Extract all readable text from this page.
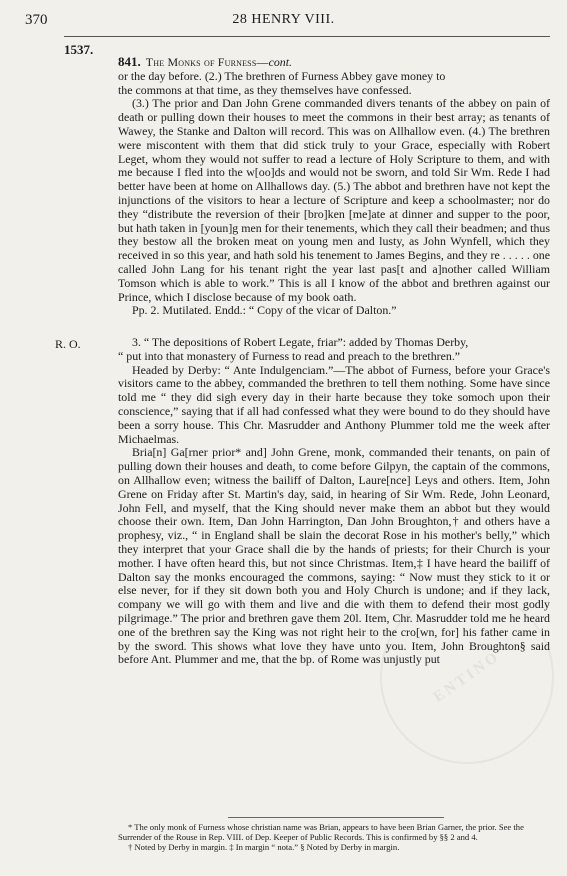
ENTINO
370	28 HENRY VIII.
1537.
R. O.

841. The Monks of Furness—cont.

or the day before. (2.) The brethren of Furness Abbey gave money to

the commons at that time, as they themselves have confessed.

(3.) The prior and Dan John Grene commanded divers tenants of the abbey on pain of death or pulling down their houses to meet the commons in their best array; as tenants of Wawey, the Stanke and Dalton will record. This was on Allhallow even. (4.) The brethren were miscontent with them that did stick truly to your Grace, especially with Robert Leget, whom they would not suffer to read a lecture of Holy Scripture to them, and with me because I fled into the w[oo]ds and would not be sworn, and told Sir Wm. Rede I had better have been at home on Allhallows day. (5.) The abbot and brethren have not kept the injunctions of the visitors to hear a lecture of Scripture and keep a schoolmaster; nor do they “distribute the reversion of their [bro]ken [me]ate at dinner and supper to the poor, but hath taken in [youn]g men for their tenements, which they call their beadmen; and thus they bestow all the broken meat on young men and lusty, as John Wynfell, which they received in so this year, and hath sold his tenement to James Begins, and they re . . . . . one called John Lang for his tenant right the year last pas[t and a]nother called William Tomson which is able to work.” This is all I know of the abbot and brethren against our Prince, which I disclose because of my book oath.

Pp. 2. Mutilated. Endd.: “ Copy of the vicar of Dalton.”

3. “ The depositions of Robert Legate, friar”: added by Thomas Derby,

“ put into that monastery of Furness to read and preach to the brethren.”

Headed by Derby: “ Ante Indulgenciam.”—The abbot of Furness, before your Grace's visitors came to the abbey, commanded the brethren to tell them nothing. Some have since told me “ they did sigh every day in their harte because they toke somoch upon their conscience,” saying that if all had confessed what they were bound to do they should have been a sorry house. This Chr. Masrudder and Anthony Plummer told me the week after Michaelmas.

Bria[n] Ga[rner prior* and] John Grene, monk, commanded their tenants, on pain of pulling down their houses and death, to come before Gilpyn, the captain of the commons, on Allhallow even; witness the bailiff of Dalton, Laure[nce] Leys and others. Item, John Grene on Friday after St. Martin's day, said, in hearing of Sir Wm. Rede, John Leonard, John Fell, and myself, that the King should never make them an abbot but they would choose their own. Item, Dan John Harrington, Dan John Broughton,† and others have a prophesy, viz., “ in England shall be slain the decorat Rose in his mother's belly,” which they interpret that your Grace shall die by the hands of priests; for their Church is your mother. I have often heard this, but not since Christmas. Item,‡ I have heard the bailiff of Dalton say the monks encouraged the commons, saying: “ Now must they stick to it or else never, for if they sit down both you and Holy Church is undone; and if they lack, company we will go with them and live and die with them to defend their most godly pilgrimage.” The prior and brethren gave them 20l. Item, Chr. Masrudder told me he heard one of the brethren say the King was not right heir to the cro[wn, for] his father came in by the sword. This shows what love they have unto you. Item, John Broughton§ said before Ant. Plummer and me, that the bp. of Rome was unjustly put

* The only monk of Furness whose christian name was Brian, appears to have been Brian Garner, the prior. See the Surrender of the Rouse in Rep. VIII. of Dep. Keeper of Public Records. This is confirmed by §§ 2 and 4.

† Noted by Derby in margin. ‡ In margin “ nota.” § Noted by Derby in margin.
